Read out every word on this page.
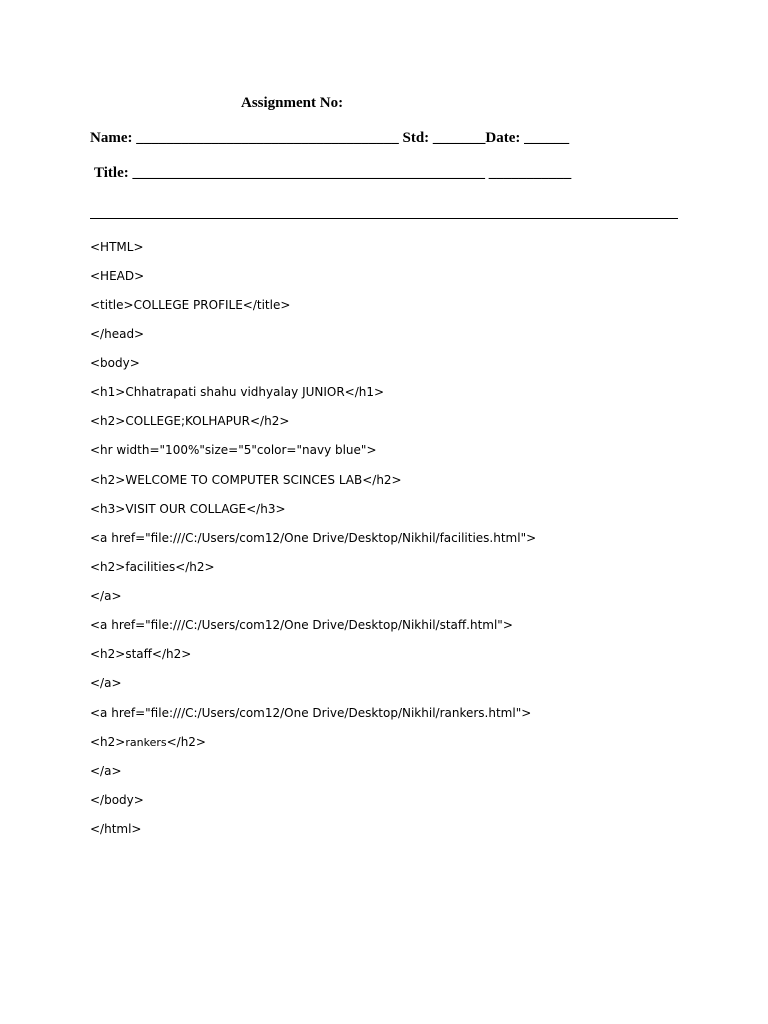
Assignment No:
Name: ___________________________________ Std: _______Date: ______
Title: _______________________________________________ ___________
<HTML>
<HEAD>
<title>COLLEGE PROFILE</title>
</head>
<body>
<h1>Chhatrapati shahu vidhyalay JUNIOR</h1>
<h2>COLLEGE;KOLHAPUR</h2>
<hr width="100%"size="5"color="navy blue">
<h2>WELCOME TO COMPUTER SCINCES LAB</h2>
<h3>VISIT OUR COLLAGE</h3>
<a href="file:///C:/Users/com12/One Drive/Desktop/Nikhil/facilities.html">
<h2>facilities</h2>
</a>
<a href="file:///C:/Users/com12/One Drive/Desktop/Nikhil/staff.html">
<h2>staff</h2>
</a>
<a href="file:///C:/Users/com12/One Drive/Desktop/Nikhil/rankers.html">
<h2>rankers</h2>
</a>
</body>
</html>
